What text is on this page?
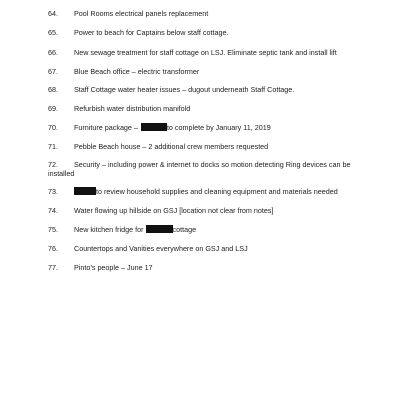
64. Pool Rooms electrical panels replacement
65. Power to beach for Captains below staff cottage.
66. New sewage treatment for staff cottage on LSJ. Eliminate septic tank and install lift
67. Blue Beach office – electric transformer
68. Staff Cottage water heater issues – dugout underneath Staff Cottage.
69. Refurbish water distribution manifold
70. Furniture package –	to complete by January 11, 2019
71. Pebble Beach house – 2 additional crew members requested
72. Security – including power & internet to docks so motion detecting Ring devices can be
installed
73.	to review household supplies and cleaning equipment and materials needed
74. Water flowing up hillside on GSJ [location not clear from notes]
75. New kitchen fridge for	cottage
76. Countertops and Vanities everywhere on GSJ and LSJ
77. Pinto’s people – June 17
